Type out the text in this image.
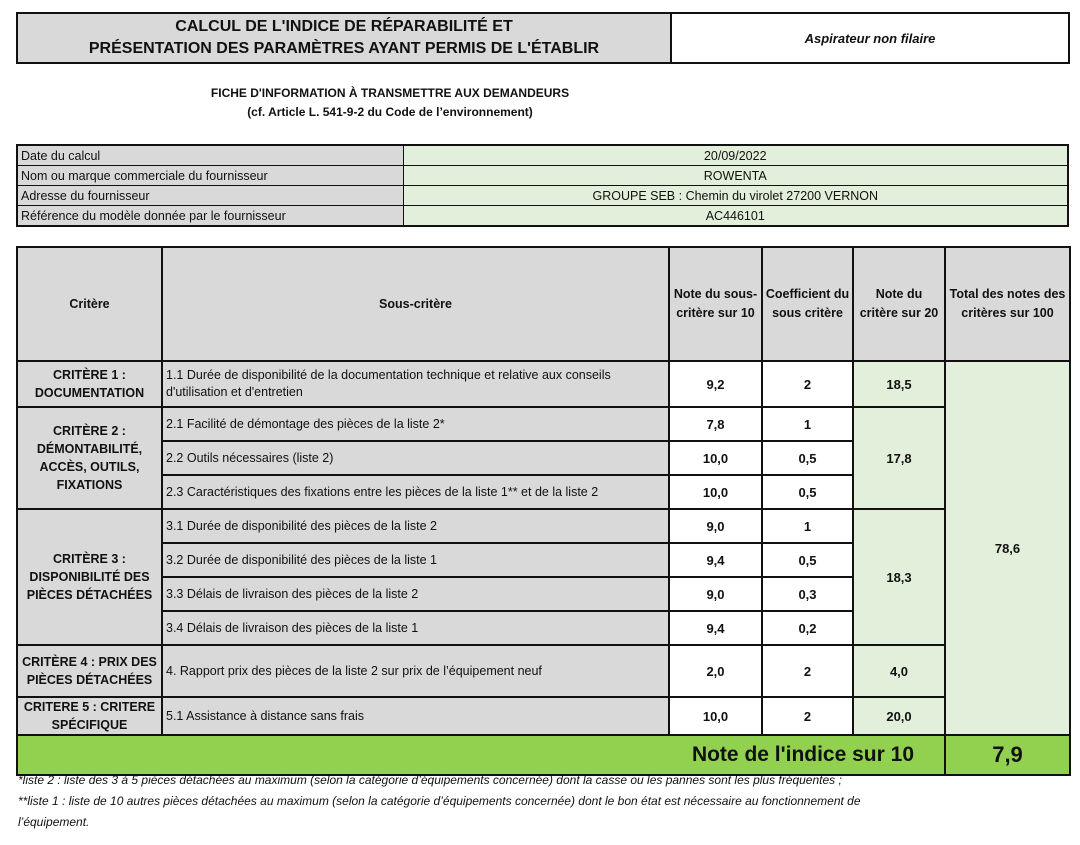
CALCUL DE L'INDICE DE RÉPARABILITÉ ET
PRÉSENTATION DES PARAMÈTRES AYANT PERMIS DE L'ÉTABLIR
Aspirateur non filaire
FICHE D'INFORMATION À TRANSMETTRE AUX DEMANDEURS
(cf. Article L. 541-9-2 du Code de l’environnement)
Date du calcul	20/09/2022
Nom ou marque commerciale du fournisseur	ROWENTA
Adresse du fournisseur	GROUPE SEB : Chemin du virolet 27200 VERNON
Référence du modèle donnée par le fournisseur	AC446101
Critère	Sous-critère	Note du sous-critère sur 10	Coefficient du sous critère	Note du critère sur 20	Total des notes des critères sur 100
CRITÈRE 1 : DOCUMENTATION	1.1 Durée de disponibilité de la documentation technique et relative aux conseils d'utilisation et d'entretien	9,2	2	18,5	78,6
CRITÈRE 2 : DÉMONTABILITÉ, ACCÈS, OUTILS, FIXATIONS	2.1 Facilité de démontage des pièces de la liste 2*	7,8	1	17,8	
	2.2 Outils nécessaires (liste 2)	10,0	0,5		
	2.3 Caractéristiques des fixations entre les pièces de la liste 1** et de la liste 2	10,0	0,5		
CRITÈRE 3 : DISPONIBILITÉ DES PIÈCES DÉTACHÉES	3.1 Durée de disponibilité des pièces de la liste 2	9,0	1	18,3	
	3.2 Durée de disponibilité des pièces de la liste 1	9,4	0,5		
	3.3 Délais de livraison des pièces de la liste 2	9,0	0,3		
	3.4 Délais de livraison des pièces de la liste 1	9,4	0,2		
CRITÈRE 4 : PRIX DES PIÈCES DÉTACHÉES	4. Rapport prix des pièces de la liste 2 sur prix de l’équipement neuf	2,0	2	4,0	
CRITERE 5 : CRITERE SPÉCIFIQUE	5.1 Assistance à distance sans frais	10,0	2	20,0	
Note de l'indice sur 10					7,9
*liste 2 : liste des 3 à 5 pièces détachées au maximum (selon la catégorie d’équipements concernée) dont la casse ou les pannes sont les plus fréquentes ;
**liste 1 : liste de 10 autres pièces détachées au maximum (selon la catégorie d’équipements concernée) dont le bon état est nécessaire au fonctionnement de
l’équipement.
